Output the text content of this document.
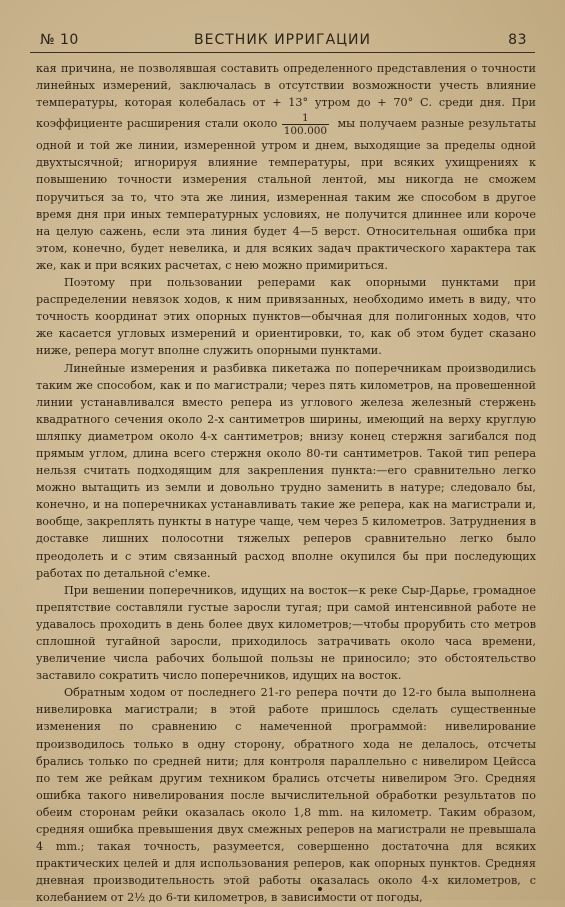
№ 10	ВЕСТНИК ИРРИГАЦИИ	83

кая причина, не позволявшая составить определенного представления о точности линейных измерений, заключалась в отсутствии возможности учесть влияние температуры, которая колебалась от + 13° утром до + 70° С. среди дня. При коэффициенте расширения стали около $\frac{1}{100.000}$ мы получаем разные результаты одной и той же линии, измеренной утром и днем, выходящие за пределы одной двухтысячной; игнорируя влияние температуры, при всяких ухищрениях к повышению точности измерения стальной лентой, мы никогда не сможем поручиться за то, что эта же линия, измеренная таким же способом в другое время дня при иных температурных условиях, не получится длиннее или короче на целую сажень, если эта линия будет 4—5 верст. Относительная ошибка при этом, конечно, будет невелика, и для всяких задач практического характера так же, как и при всяких расчетах, с нею можно примириться.

Поэтому при пользовании реперами как опорными пунктами при распределении невязок ходов, к ним привязанных, необходимо иметь в виду, что точность координат этих опорных пунктов—обычная для полигонных ходов, что же касается угловых измерений и ориентировки, то, как об этом будет сказано ниже, репера могут вполне служить опорными пунктами.

Линейные измерения и разбивка пикетажа по поперечникам производились таким же способом, как и по магистрали; через пять километров, на провешенной линии устанавливался вместо репера из углового железа железный стержень квадратного сечения около 2-х сантиметров ширины, имеющий на верху круглую шляпку диаметром около 4-х сантиметров; внизу конец стержня загибался под прямым углом, длина всего стержня около 80-ти сантиметров. Такой тип репера нельзя считать подходящим для закрепления пункта:—его сравнительно легко можно вытащить из земли и довольно трудно заменить в натуре; следовало бы, конечно, и на поперечниках устанавливать такие же репера, как на магистрали и, вообще, закреплять пункты в натуре чаще, чем через 5 километров. Затруднения в доставке лишних полосотни тяжелых реперов сравнительно легко было преодолеть и с этим связанный расход вполне окупился бы при последующих работах по детальной с'емке.

При вешении поперечников, идущих на восток—к реке Сыр-Дарье, громадное препятствие составляли густые заросли тугая; при самой интенсивной работе не удавалось проходить в день более двух километров;—чтобы прорубить сто метров сплошной тугайной заросли, приходилось затрачивать около часа времени, увеличение числа рабочих большой пользы не приносило; это обстоятельство заставило сократить число поперечников, идущих на восток.

Обратным ходом от последнего 21-го репера почти до 12-го была выполнена нивелировка магистрали; в этой работе пришлось сделать существенные изменения по сравнению с намеченной программой: нивелирование производилось только в одну сторону, обратного хода не делалось, отсчеты брались только по средней нити; для контроля параллельно с нивелиром Цейсса по тем же рейкам другим техником брались отсчеты нивелиром Эго. Средняя ошибка такого нивелирования после вычислительной обработки результатов по обеим сторонам рейки оказалась около 1,8 mm. на километр. Таким образом, средняя ошибка превышения двух смежных реперов на магистрали не превышала 4 mm.; такая точность, разумеется, совершенно достаточна для всяких практических целей и для использования реперов, как опорных пунктов. Средняя дневная производительность этой работы оказалась около 4-х километров, с колебанием от 2½ до 6-ти километров, в зависимости от погоды,
